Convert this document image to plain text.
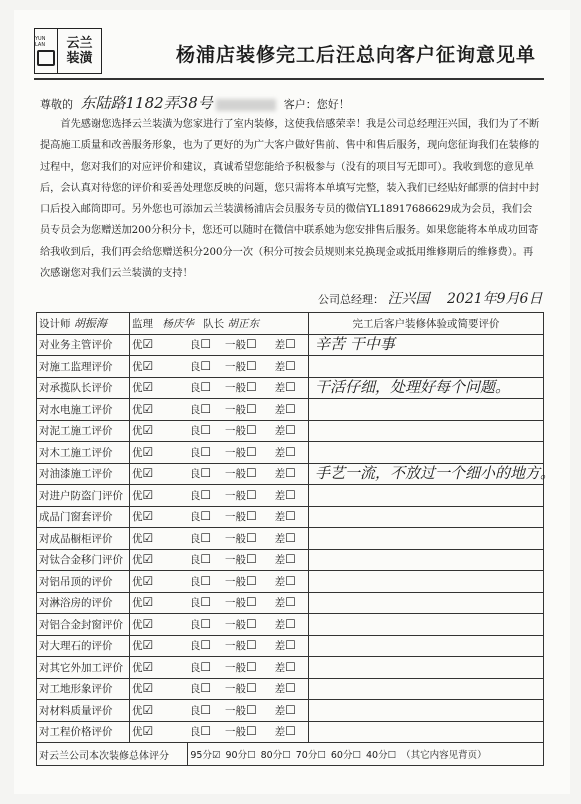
YUN LAN	云兰
装潢	杨浦店装修完工后汪总向客户征询意见单
尊敬的 东陆路1182弄38号	客户：您好！
首先感谢您选择云兰装潢为您家进行了室内装修，这使我倍感荣幸！我是公司总经理汪兴国，我们为了不断提高施工质量和改善服务形象，也为了更好的为广大客户做好售前、售中和售后服务，现向您征询我们在装修的过程中，您对我们的对应评价和建议，真诚希望您能给予积极参与（没有的项目写无即可）。我收到您的意见单后，会认真对待您的评价和妥善处理您反映的问题，您只需将本单填写完整，装入我们已经贴好邮票的信封中封口后投入邮筒即可。另外您也可添加云兰装潢杨浦店会员服务专员的微信YL18917686629成为会员，我们会员专员会为您赠送加200分积分卡，您还可以随时在微信中联系她为您安排售后服务。如果您能将本单成功回寄给我收到后，我们再会给您赠送积分200分一次（积分可按会员规则来兑换现金或抵用维修期后的维修费）。再次感谢您对我们云兰装潢的支持！
公司总经理： 汪兴国 2021年9月6日
设计师 胡振海	监理 杨庆华 队长 胡正东				完工后客户装修体验或简要评价
对业务主管评价	优☑	良☐	一般☐	差☐	辛苦 干中事

对施工监理评价	优☑	良☐	一般☐	差☐	

对承揽队长评价	优☑	良☐	一般☐	差☐	干活仔细，处理好每个问题。

对水电施工评价	优☑	良☐	一般☐	差☐	

对泥工施工评价	优☑	良☐	一般☐	差☐	

对木工施工评价	优☑	良☐	一般☐	差☐	

对油漆施工评价	优☑	良☐	一般☐	差☐	手艺一流，不放过一个细小的地方。

对进户防盗门评价	优☑	良☐	一般☐	差☐	

成品门窗套评价	优☑	良☐	一般☐	差☐	

对成品橱柜评价	优☑	良☐	一般☐	差☐	

对钛合金移门评价	优☑	良☐	一般☐	差☐	

对铝吊顶的评价	优☑	良☐	一般☐	差☐	

对淋浴房的评价	优☑	良☐	一般☐	差☐	

对铝合金封窗评价	优☑	良☐	一般☐	差☐	

对大理石的评价	优☑	良☐	一般☐	差☐	

对其它外加工评价	优☑	良☐	一般☐	差☐	

对工地形象评价	优☑	良☐	一般☐	差☐	

对材料质量评价	优☑	良☐	一般☐	差☐	

对工程价格评价	优☑	良☐	一般☐	差☐	

对云兰公司本次装修总体评分		95分☑ 90分☐ 80分☐ 70分☐ 60分☐ 40分☐ （其它内容见背页）			
